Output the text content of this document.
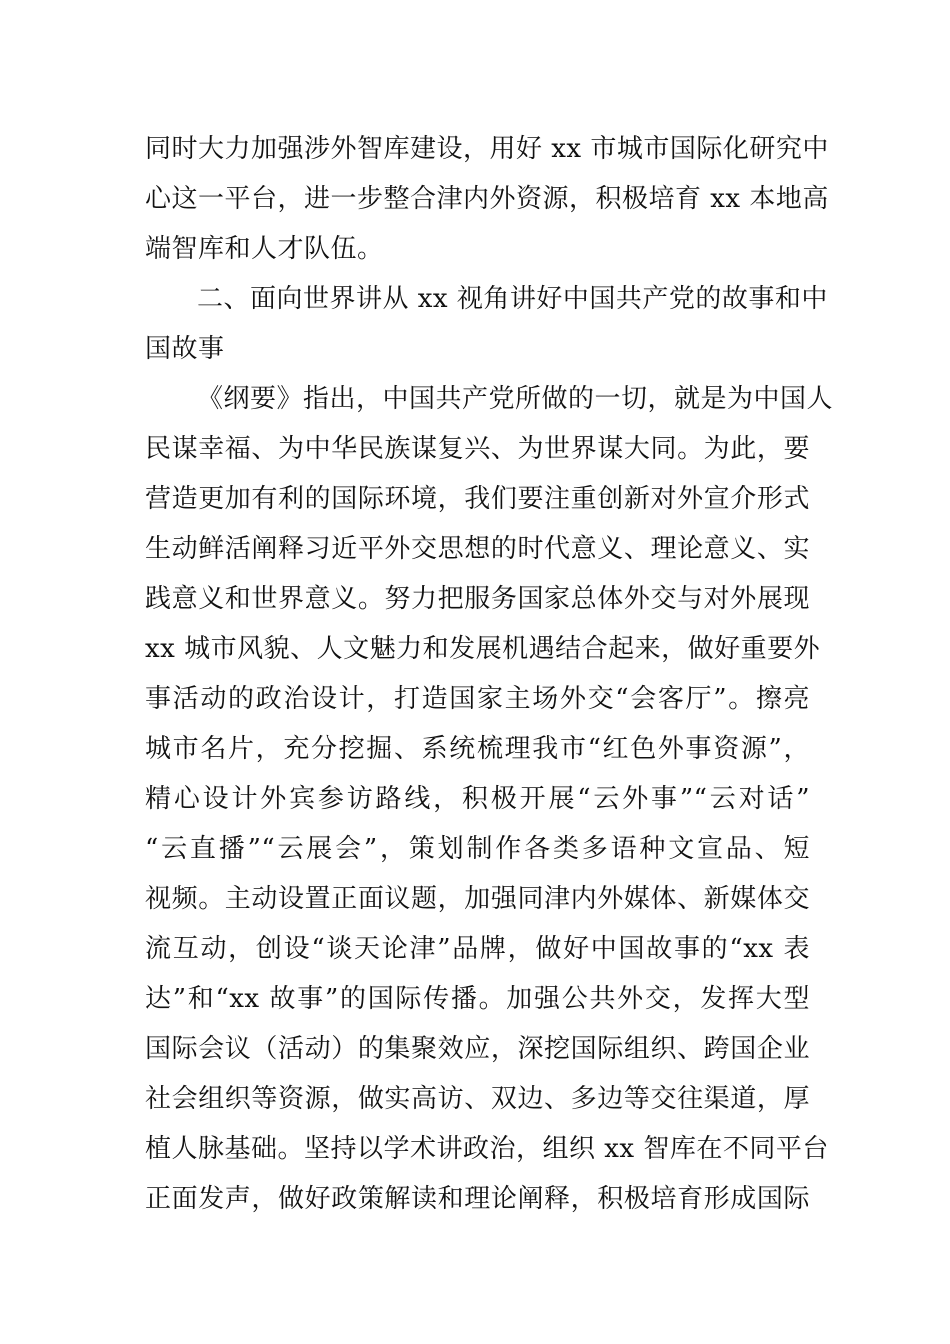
同时大力加强涉外智库建设，用好 xx 市城市国际化研究中
心这一平台，进一步整合津内外资源，积极培育 xx 本地高
端智库和人才队伍。
二、面向世界讲从 xx 视角讲好中国共产党的故事和中
国故事
《纲要》指出，中国共产党所做的一切，就是为中国人
民谋幸福、为中华民族谋复兴、为世界谋大同。为此，要
营造更加有利的国际环境，我们要注重创新对外宣介形式
生动鲜活阐释习近平外交思想的时代意义、理论意义、实
践意义和世界意义。努力把服务国家总体外交与对外展现
xx 城市风貌、人文魅力和发展机遇结合起来，做好重要外
事活动的政治设计，打造国家主场外交“会客厅”。擦亮
城市名片，充分挖掘、系统梳理我市“红色外事资源”，
精心设计外宾参访路线，积极开展“云外事”“云对话”
“云直播”“云展会”，策划制作各类多语种文宣品、短
视频。主动设置正面议题，加强同津内外媒体、新媒体交
流互动，创设“谈天论津”品牌，做好中国故事的“xx 表
达”和“xx 故事”的国际传播。加强公共外交，发挥大型
国际会议（活动）的集聚效应，深挖国际组织、跨国企业
社会组织等资源，做实高访、双边、多边等交往渠道，厚
植人脉基础。坚持以学术讲政治，组织 xx 智库在不同平台
正面发声，做好政策解读和理论阐释，积极培育形成国际
